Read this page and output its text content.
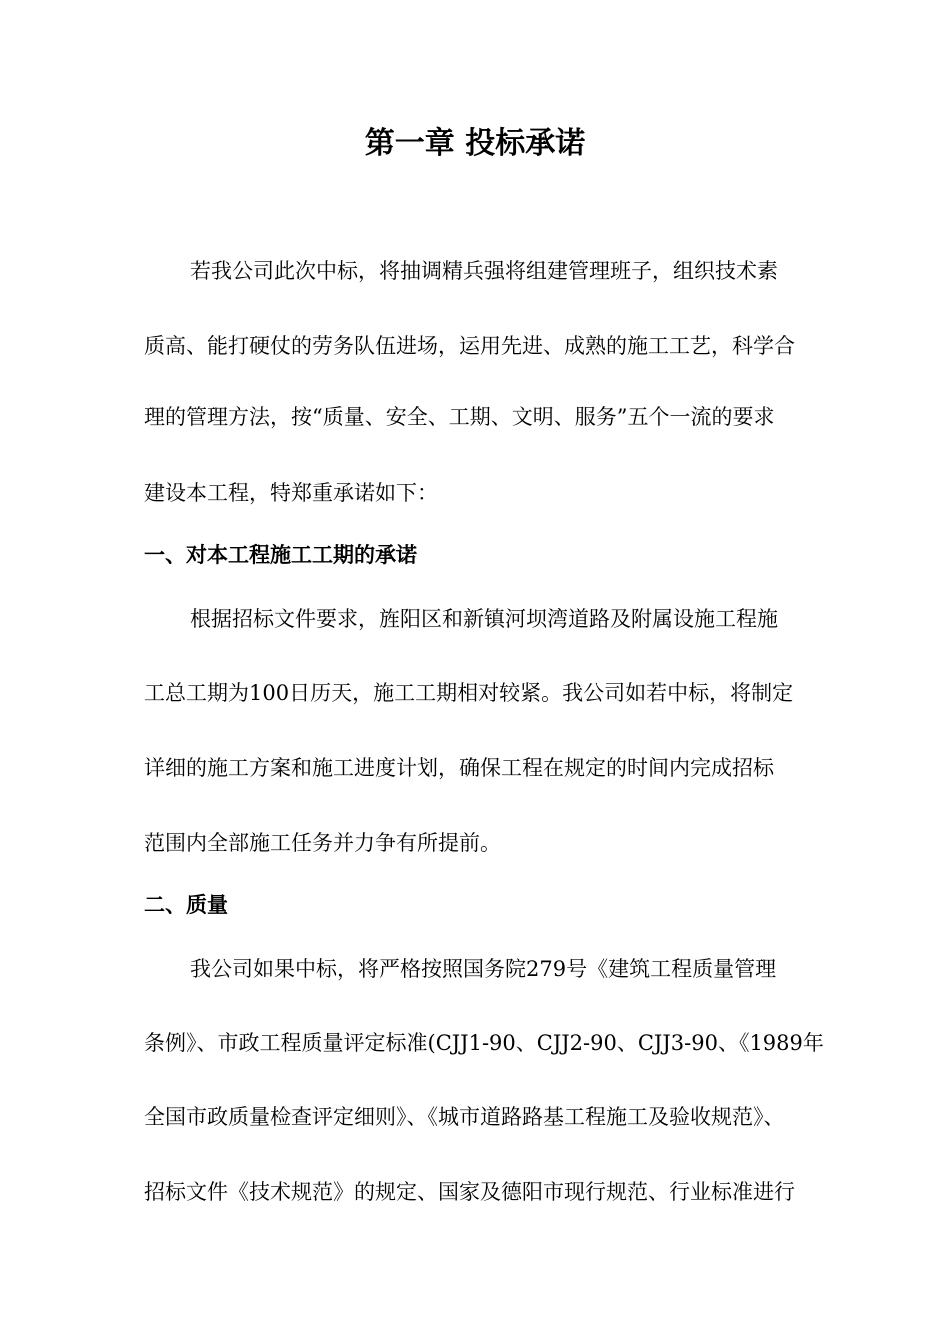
第一章 投标承诺

若我公司此次中标，将抽调精兵强将组建管理班子，组织技术素

质高、能打硬仗的劳务队伍进场，运用先进、成熟的施工工艺，科学合

理的管理方法，按“质量、安全、工期、文明、服务”五个一流的要求

建设本工程，特郑重承诺如下：

一、对本工程施工工期的承诺

根据招标文件要求，旌阳区和新镇河坝湾道路及附属设施工程施

工总工期为100日历天，施工工期相对较紧。我公司如若中标，将制定

详细的施工方案和施工进度计划，确保工程在规定的时间内完成招标

范围内全部施工任务并力争有所提前。

二、质量

我公司如果中标，将严格按照国务院279号《建筑工程质量管理

条例》、市政工程质量评定标准(CJJ1-90、CJJ2-90、CJJ3-90、《1989年

全国市政质量检查评定细则》、《城市道路路基工程施工及验收规范》、

招标文件《技术规范》的规定、国家及德阳市现行规范、行业标准进行
